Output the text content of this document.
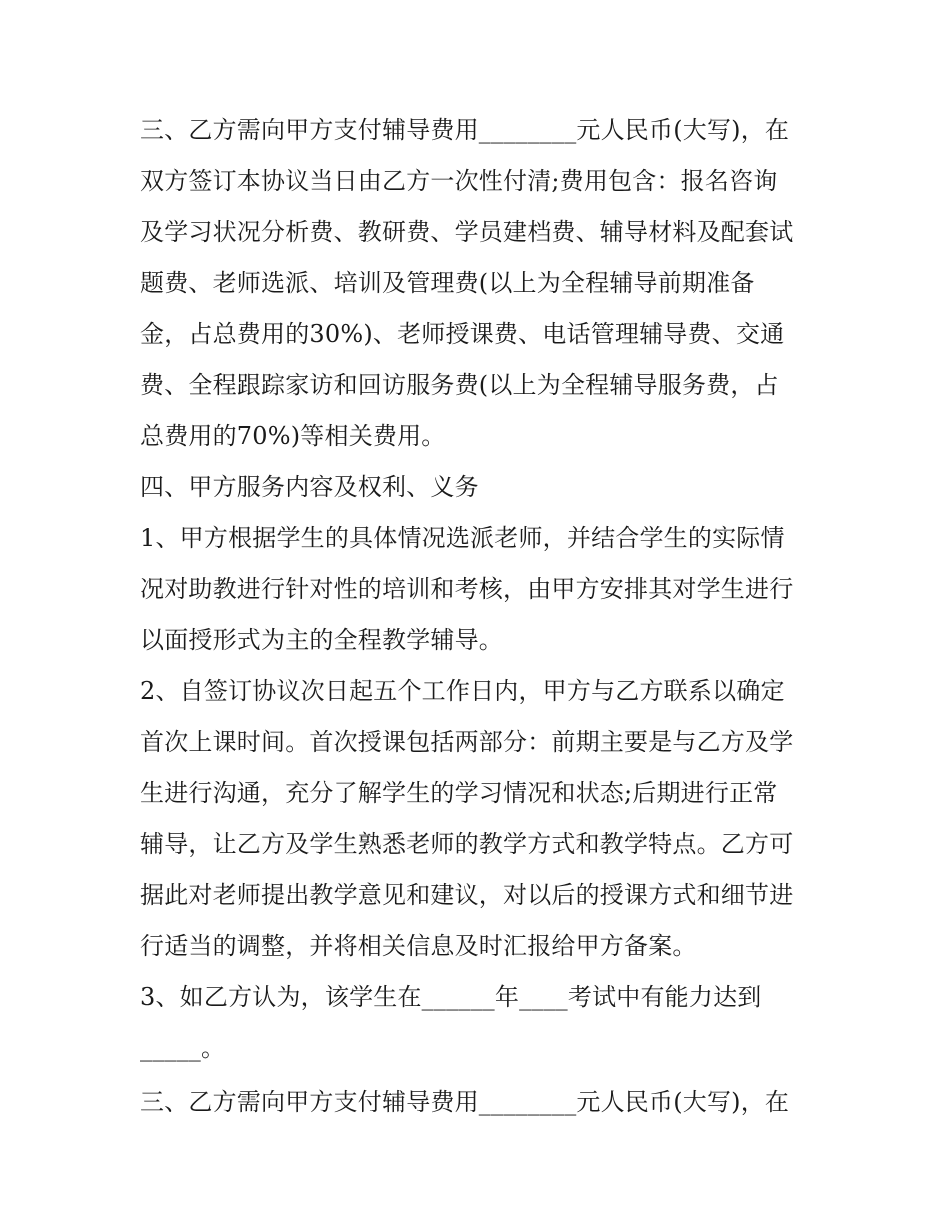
三、乙方需向甲方支付辅导费用________元人民币(大写)，在
双方签订本协议当日由乙方一次性付清;费用包含：报名咨询
及学习状况分析费、教研费、学员建档费、辅导材料及配套试
题费、老师选派、培训及管理费(以上为全程辅导前期准备
金，占总费用的30%)、老师授课费、电话管理辅导费、交通
费、全程跟踪家访和回访服务费(以上为全程辅导服务费，占
总费用的70%)等相关费用。
四、甲方服务内容及权利、义务
1、甲方根据学生的具体情况选派老师，并结合学生的实际情
况对助教进行针对性的培训和考核，由甲方安排其对学生进行
以面授形式为主的全程教学辅导。
2、自签订协议次日起五个工作日内，甲方与乙方联系以确定
首次上课时间。首次授课包括两部分：前期主要是与乙方及学
生进行沟通，充分了解学生的学习情况和状态;后期进行正常
辅导，让乙方及学生熟悉老师的教学方式和教学特点。乙方可
据此对老师提出教学意见和建议，对以后的授课方式和细节进
行适当的调整，并将相关信息及时汇报给甲方备案。
3、如乙方认为，该学生在______年____考试中有能力达到
_____。
三、乙方需向甲方支付辅导费用________元人民币(大写)，在
